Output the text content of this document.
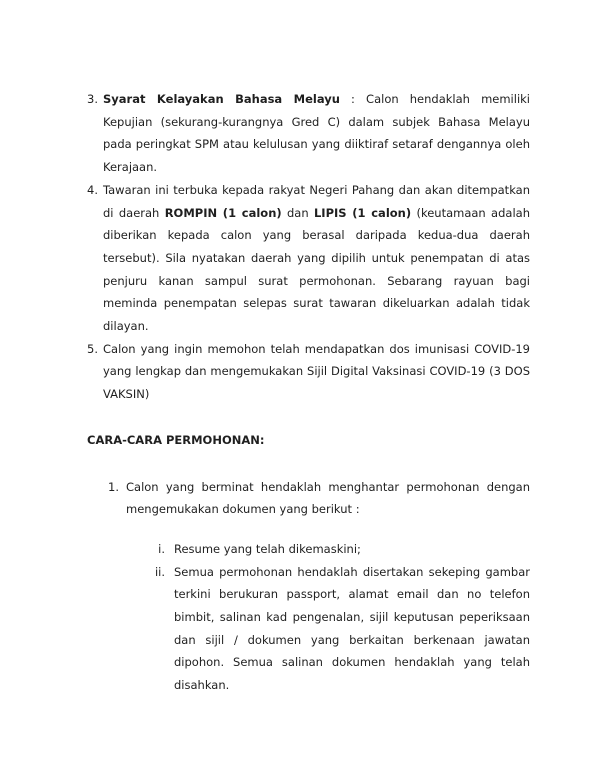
3. Syarat Kelayakan Bahasa Melayu : Calon hendaklah memiliki Kepujian (sekurang-kurangnya Gred C) dalam subjek Bahasa Melayu pada peringkat SPM atau kelulusan yang diiktiraf setaraf dengannya oleh Kerajaan.
4. Tawaran ini terbuka kepada rakyat Negeri Pahang dan akan ditempatkan di daerah ROMPIN (1 calon) dan LIPIS (1 calon) (keutamaan adalah diberikan kepada calon yang berasal daripada kedua-dua daerah tersebut). Sila nyatakan daerah yang dipilih untuk penempatan di atas penjuru kanan sampul surat permohonan. Sebarang rayuan bagi meminda penempatan selepas surat tawaran dikeluarkan adalah tidak dilayan.
5. Calon yang ingin memohon telah mendapatkan dos imunisasi COVID-19 yang lengkap dan mengemukakan Sijil Digital Vaksinasi COVID-19 (3 DOS VAKSIN)
CARA-CARA PERMOHONAN:
1. Calon yang berminat hendaklah menghantar permohonan dengan mengemukakan dokumen yang berikut :
i. Resume yang telah dikemaskini;
ii. Semua permohonan hendaklah disertakan sekeping gambar terkini berukuran passport, alamat email dan no telefon bimbit, salinan kad pengenalan, sijil keputusan peperiksaan dan sijil / dokumen yang berkaitan berkenaan jawatan dipohon. Semua salinan dokumen hendaklah yang telah disahkan.
